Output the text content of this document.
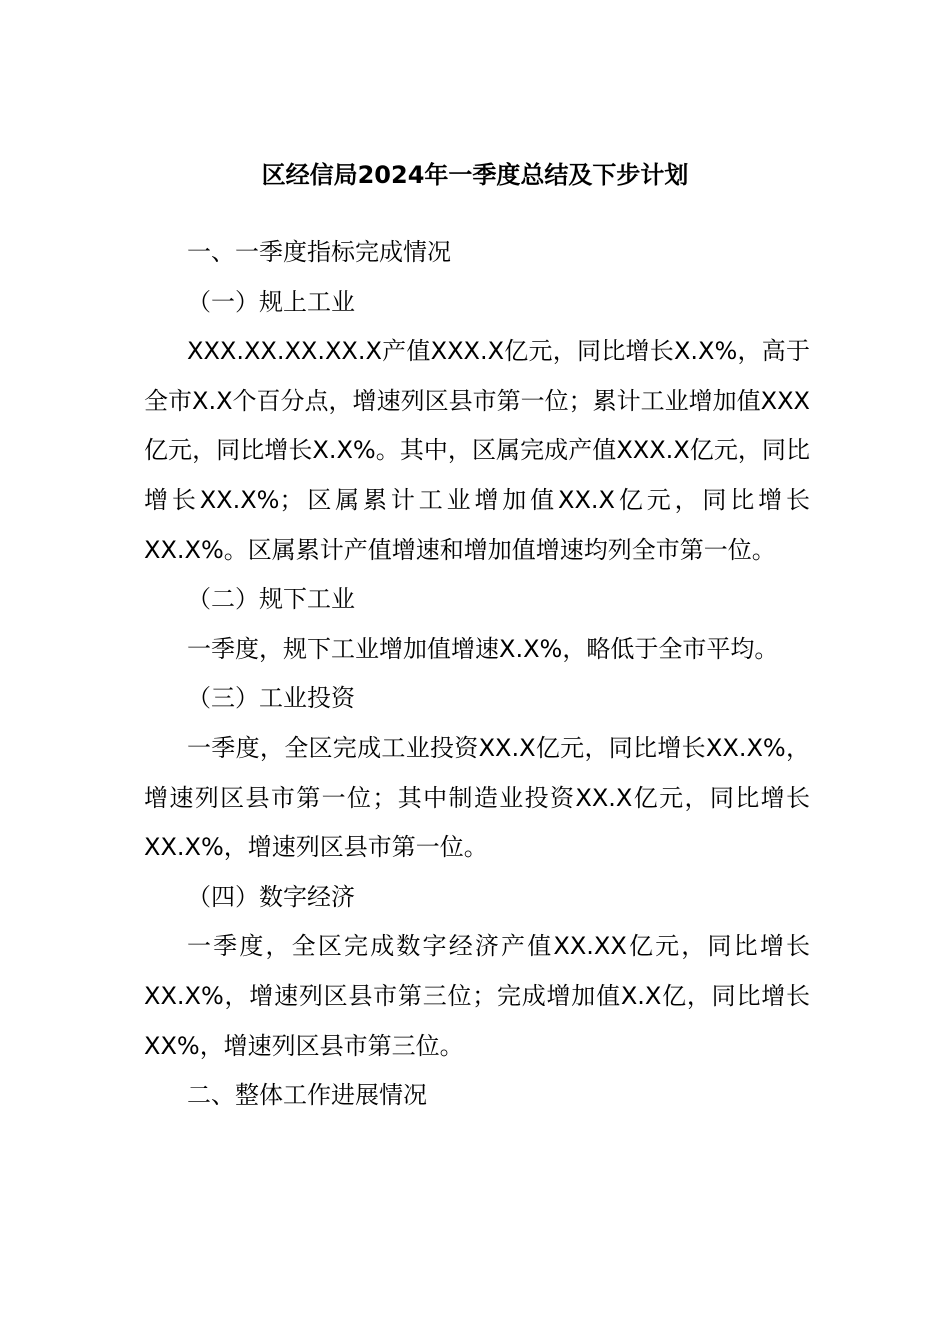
区经信局2024年一季度总结及下步计划

一、一季度指标完成情况

（一）规上工业

XXX.XX.XX.XX.X产值XXX.X亿元，同比增长X.X%，高于全市X.X个百分点，增速列区县市第一位；累计工业增加值XXX亿元，同比增长X.X%。其中，区属完成产值XXX.X亿元，同比增长XX.X%；区属累计工业增加值XX.X亿元，同比增长XX.X%。区属累计产值增速和增加值增速均列全市第一位。

（二）规下工业

一季度，规下工业增加值增速X.X%，略低于全市平均。

（三）工业投资

一季度，全区完成工业投资XX.X亿元，同比增长XX.X%，增速列区县市第一位；其中制造业投资XX.X亿元，同比增长XX.X%，增速列区县市第一位。

（四）数字经济

一季度，全区完成数字经济产值XX.XX亿元，同比增长XX.X%，增速列区县市第三位；完成增加值X.X亿，同比增长XX%，增速列区县市第三位。

二、整体工作进展情况
